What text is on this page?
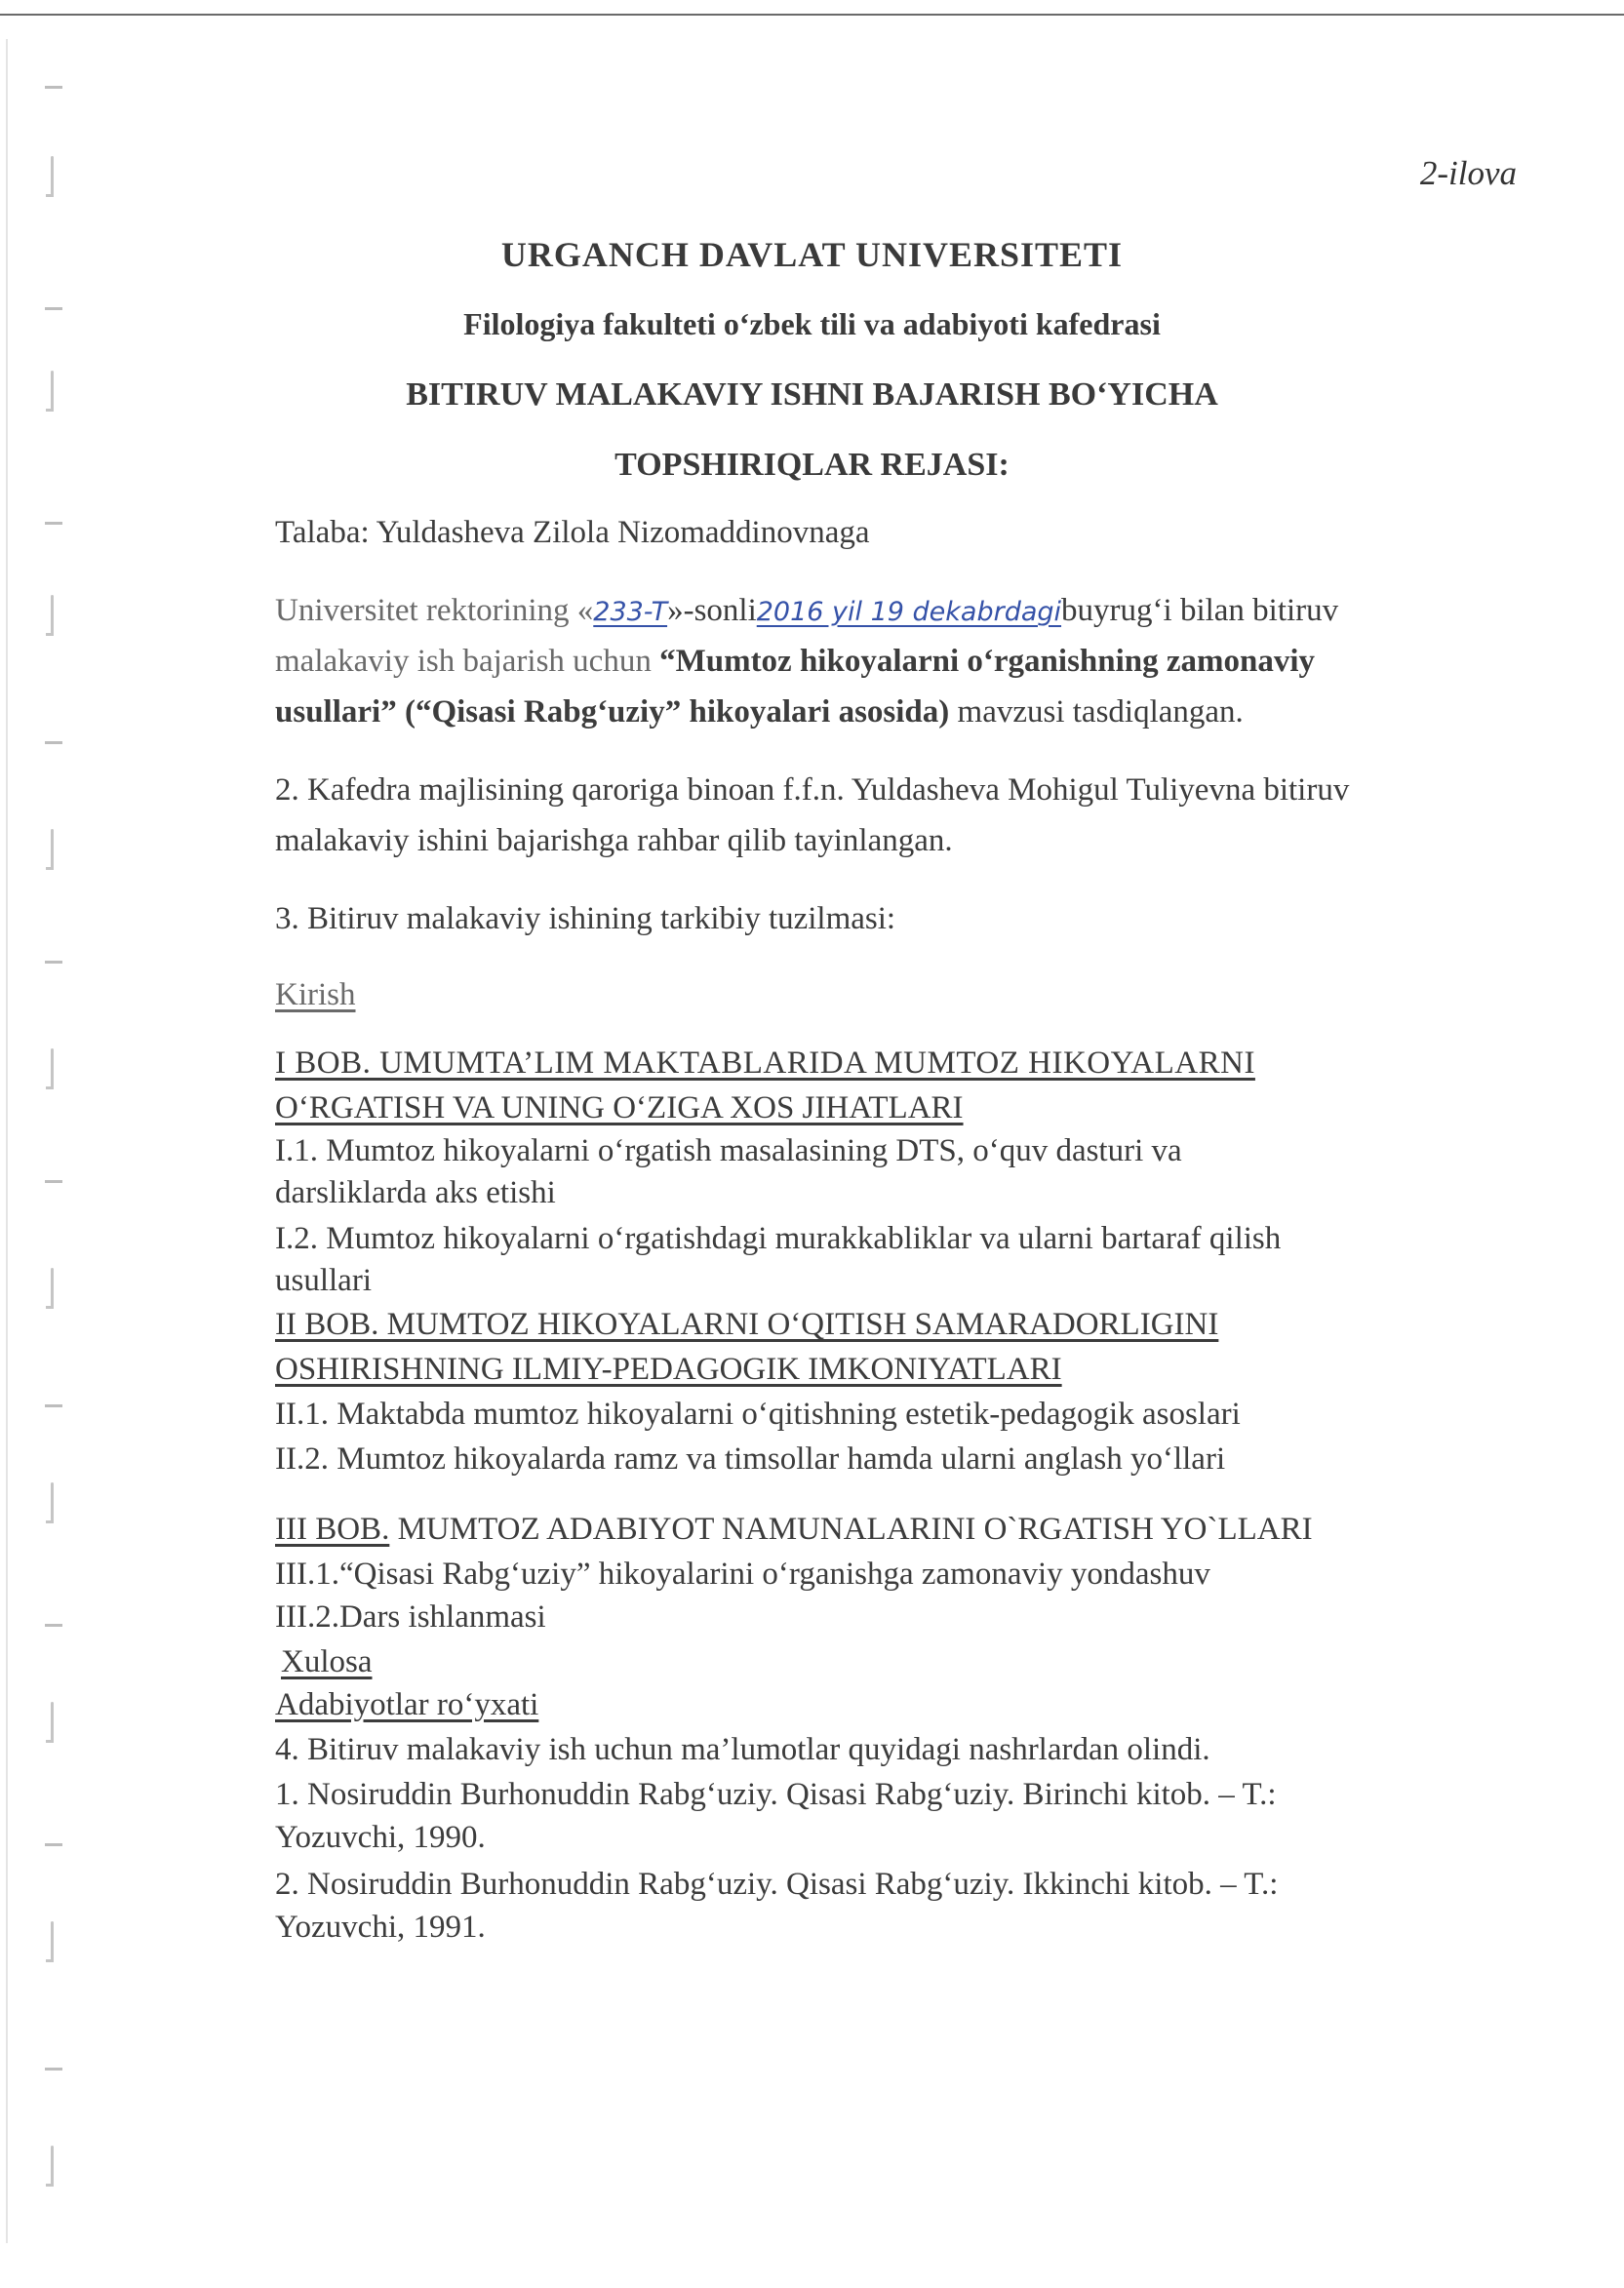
2-ilova
URGANCH DAVLAT UNIVERSITETI
Filologiya fakulteti o‘zbek tili va adabiyoti kafedrasi
BITIRUV MALAKAVIY ISHNI BAJARISH BO‘YICHA
TOPSHIRIQLAR REJASI:
Talaba: Yuldasheva Zilola Nizomaddinovnaga
Universitet rektorining «233-T»-sonli2016 yil 19 dekabrdagibuyrug‘i bilan bitiruv
malakaviy ish bajarish uchun “Mumtoz hikoyalarni o‘rganishning zamonaviy
usullari” (“Qisasi Rabg‘uziy” hikoyalari asosida) mavzusi tasdiqlangan.
2. Kafedra majlisining qaroriga binoan f.f.n. Yuldasheva Mohigul Tuliyevna bitiruv
malakaviy ishini bajarishga rahbar qilib tayinlangan.
3. Bitiruv malakaviy ishining tarkibiy tuzilmasi:
Kirish
I BOB. UMUMTA’LIM MAKTABLARIDA MUMTOZ HIKOYALARNI
O‘RGATISH VA UNING O‘ZIGA XOS JIHATLARI
I.1. Mumtoz hikoyalarni o‘rgatish masalasining DTS, o‘quv dasturi va
darsliklarda aks etishi
I.2. Mumtoz hikoyalarni o‘rgatishdagi murakkabliklar va ularni bartaraf qilish
usullari
II BOB. MUMTOZ HIKOYALARNI O‘QITISH SAMARADORLIGINI
OSHIRISHNING ILMIY-PEDAGOGIK IMKONIYATLARI
II.1. Maktabda mumtoz hikoyalarni o‘qitishning estetik-pedagogik asoslari
II.2. Mumtoz hikoyalarda ramz va timsollar hamda ularni anglash yo‘llari
III BOB. MUMTOZ ADABIYOT NAMUNALARINI O`RGATISH YO`LLARI
III.1.“Qisasi Rabg‘uziy” hikoyalarini o‘rganishga zamonaviy yondashuv
III.2.Dars ishlanmasi
Xulosa
Adabiyotlar ro‘yxati
4. Bitiruv malakaviy ish uchun ma’lumotlar quyidagi nashrlardan olindi.
1. Nosiruddin Burhonuddin Rabg‘uziy. Qisasi Rabg‘uziy. Birinchi kitob. – T.:
Yozuvchi, 1990.
2. Nosiruddin Burhonuddin Rabg‘uziy. Qisasi Rabg‘uziy. Ikkinchi kitob. – T.:
Yozuvchi, 1991.
